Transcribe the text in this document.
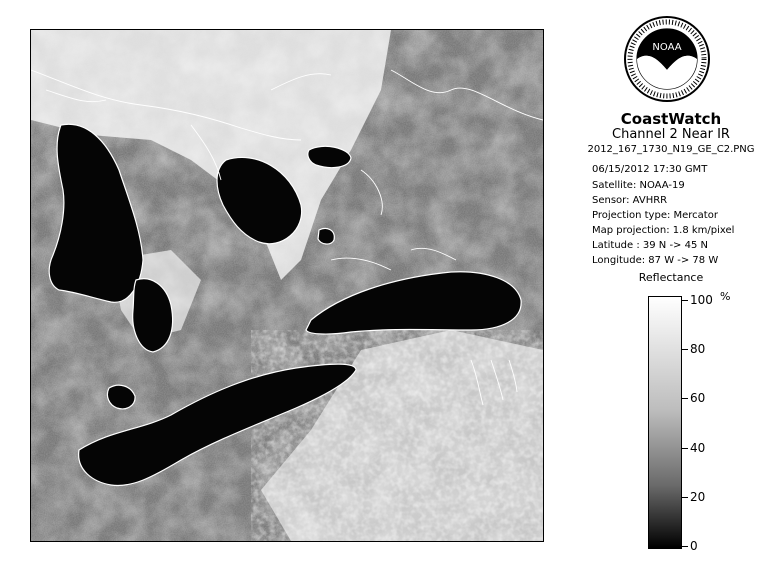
NOAA
CoastWatch
Channel 2 Near IR
2012_167_1730_N19_GE_C2.PNG
06/15/2012 17:30 GMT
Satellite: NOAA-19
Sensor: AVHRR
Projection type: Mercator
Map projection: 1.8 km/pixel
Latitude : 39 N -> 45 N
Longitude: 87 W -> 78 W
Reflectance
%
100
80
60
40
20
0
